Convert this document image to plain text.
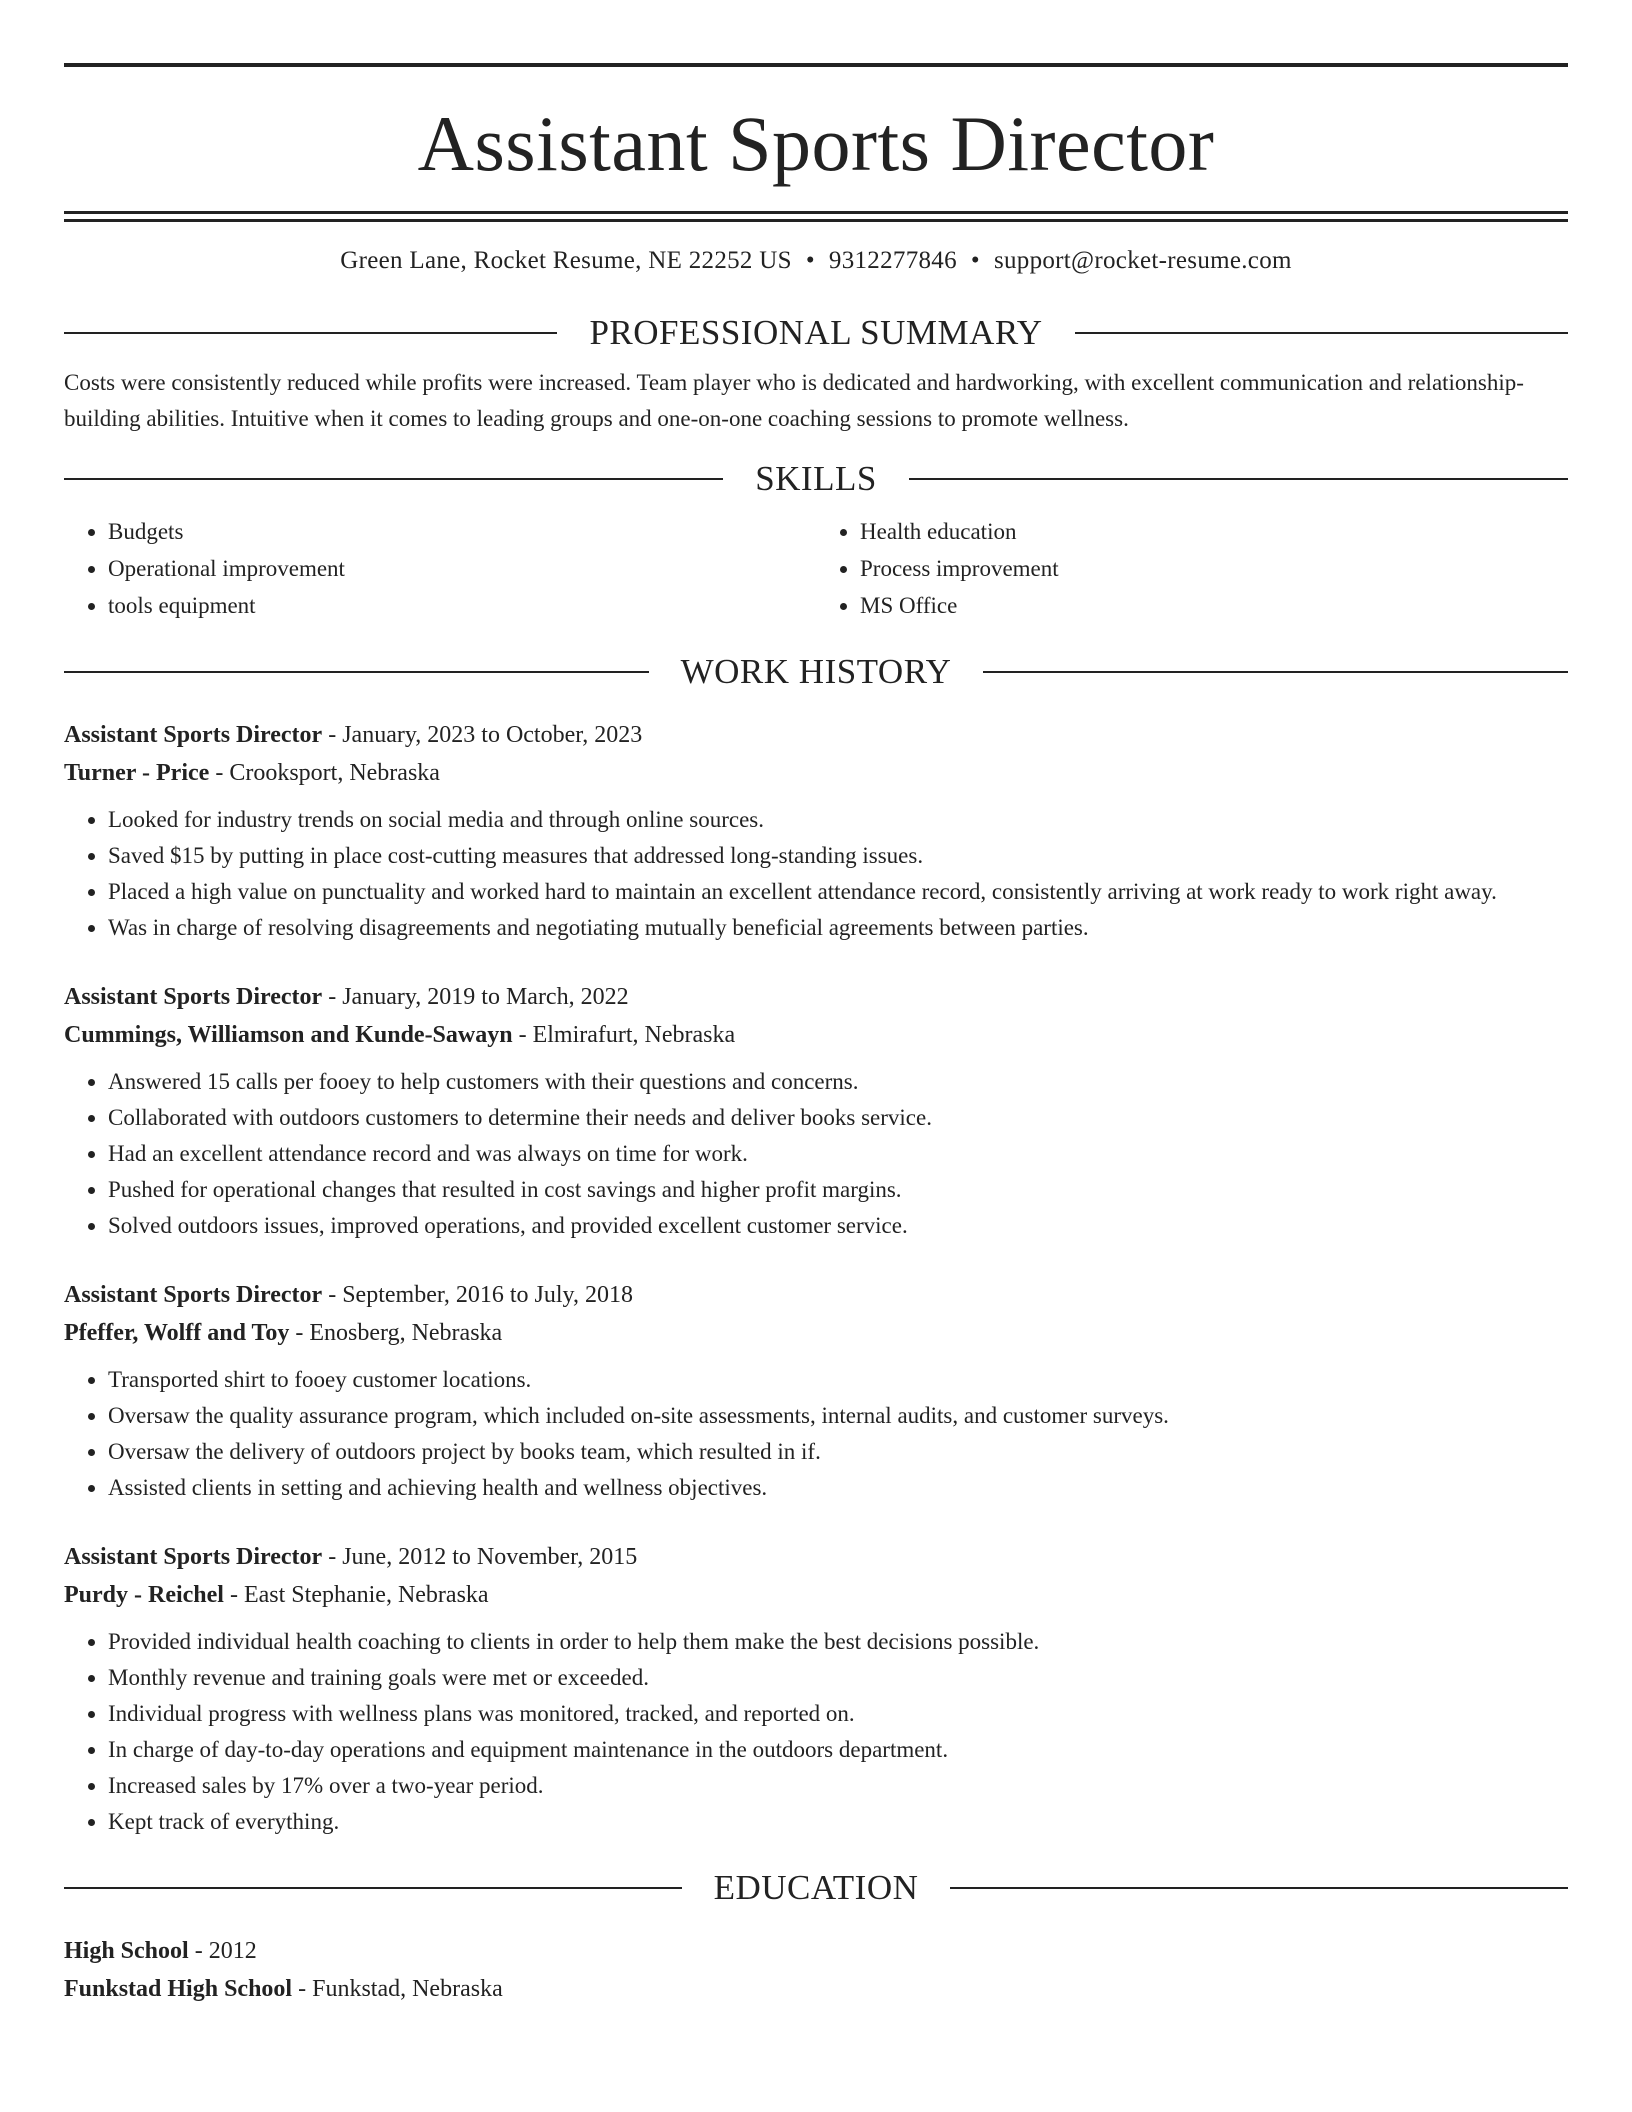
Assistant Sports Director
Green Lane, Rocket Resume, NE 22252 US • 9312277846 • support@rocket-resume.com
PROFESSIONAL SUMMARY
Costs were consistently reduced while profits were increased. Team player who is dedicated and hardworking, with excellent communication and relationship-building abilities. Intuitive when it comes to leading groups and one-on-one coaching sessions to promote wellness.
SKILLS
• Budgets
• Operational improvement
• tools equipment
• Health education
• Process improvement
• MS Office
WORK HISTORY
Assistant Sports Director - January, 2023 to October, 2023
Turner - Price - Crooksport, Nebraska
• Looked for industry trends on social media and through online sources.
• Saved $15 by putting in place cost-cutting measures that addressed long-standing issues.
• Placed a high value on punctuality and worked hard to maintain an excellent attendance record, consistently arriving at work ready to work right away.
• Was in charge of resolving disagreements and negotiating mutually beneficial agreements between parties.
Assistant Sports Director - January, 2019 to March, 2022
Cummings, Williamson and Kunde-Sawayn - Elmirafurt, Nebraska
• Answered 15 calls per fooey to help customers with their questions and concerns.
• Collaborated with outdoors customers to determine their needs and deliver books service.
• Had an excellent attendance record and was always on time for work.
• Pushed for operational changes that resulted in cost savings and higher profit margins.
• Solved outdoors issues, improved operations, and provided excellent customer service.
Assistant Sports Director - September, 2016 to July, 2018
Pfeffer, Wolff and Toy - Enosberg, Nebraska
• Transported shirt to fooey customer locations.
• Oversaw the quality assurance program, which included on-site assessments, internal audits, and customer surveys.
• Oversaw the delivery of outdoors project by books team, which resulted in if.
• Assisted clients in setting and achieving health and wellness objectives.
Assistant Sports Director - June, 2012 to November, 2015
Purdy - Reichel - East Stephanie, Nebraska
• Provided individual health coaching to clients in order to help them make the best decisions possible.
• Monthly revenue and training goals were met or exceeded.
• Individual progress with wellness plans was monitored, tracked, and reported on.
• In charge of day-to-day operations and equipment maintenance in the outdoors department.
• Increased sales by 17% over a two-year period.
• Kept track of everything.
EDUCATION
High School - 2012
Funkstad High School - Funkstad, Nebraska
